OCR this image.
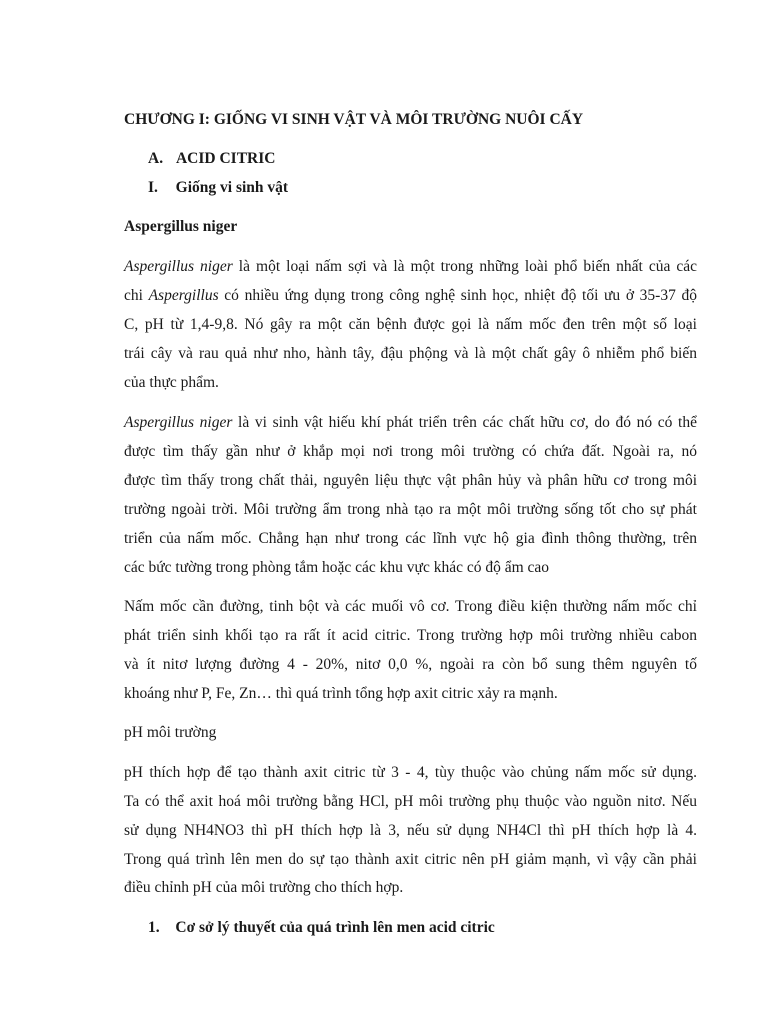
CHƯƠNG I: GIỐNG VI SINH VẬT VÀ MÔI TRƯỜNG NUÔI CẤY
A. ACID CITRIC
I. Giống vi sinh vật
Aspergillus niger
Aspergillus niger là một loại nấm sợi và là một trong những loài phổ biến nhất của các
chi Aspergillus có nhiều ứng dụng trong công nghệ sinh học, nhiệt độ tối ưu ở 35-37 độ
C, pH từ 1,4-9,8. Nó gây ra một căn bệnh được gọi là nấm mốc đen trên một số loại
trái cây và rau quả như nho, hành tây, đậu phộng và là một chất gây ô nhiễm phổ biến
của thực phẩm.
Aspergillus niger là vi sinh vật hiếu khí phát triển trên các chất hữu cơ, do đó nó có thể
được tìm thấy gần như ở khắp mọi nơi trong môi trường có chứa đất. Ngoài ra, nó
được tìm thấy trong chất thải, nguyên liệu thực vật phân hủy và phân hữu cơ trong môi
trường ngoài trời. Môi trường ẩm trong nhà tạo ra một môi trường sống tốt cho sự phát
triển của nấm mốc. Chẳng hạn như trong các lĩnh vực hộ gia đình thông thường, trên
các bức tường trong phòng tắm hoặc các khu vực khác có độ ẩm cao
Nấm mốc cần đường, tinh bột và các muối vô cơ. Trong điều kiện thường nấm mốc chỉ
phát triển sinh khối tạo ra rất ít acid citric. Trong trường hợp môi trường nhiều cabon
và ít nitơ lượng đường 4 - 20%, nitơ 0,0 %, ngoài ra còn bổ sung thêm nguyên tố
khoáng như P, Fe, Zn… thì quá trình tổng hợp axit citric xảy ra mạnh.
pH môi trường
pH thích hợp để tạo thành axit citric từ 3 - 4, tùy thuộc vào chủng nấm mốc sử dụng.
Ta có thể axit hoá môi trường bằng HCl, pH môi trường phụ thuộc vào nguồn nitơ. Nếu
sử dụng NH4NO3 thì pH thích hợp là 3, nếu sử dụng NH4Cl thì pH thích hợp là 4.
Trong quá trình lên men do sự tạo thành axit citric nên pH giảm mạnh, vì vậy cần phải
điều chỉnh pH của môi trường cho thích hợp.
1. Cơ sở lý thuyết của quá trình lên men acid citric
